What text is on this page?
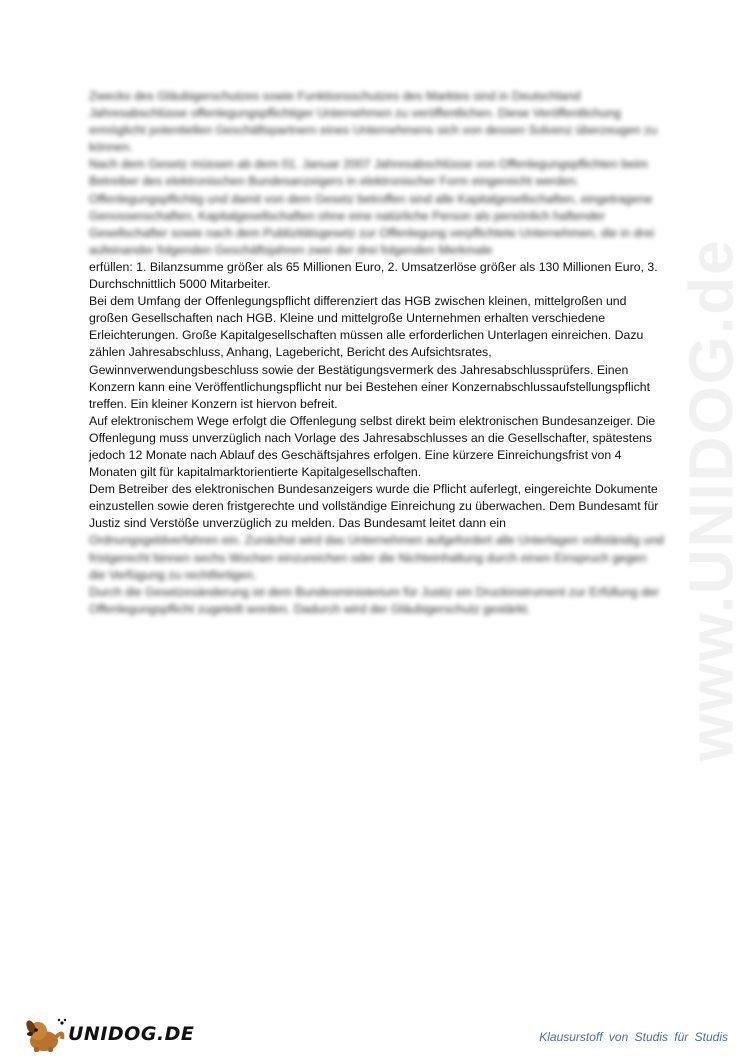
www.UNIDOG.de

Zwecks des Gläubigerschutzes sowie Funktionsschutzes des Marktes sind in Deutschland Jahresabschlüsse offenlegungspflichtiger Unternehmen zu veröffentlichen. Diese Veröffentlichung ermöglicht potentiellen Geschäftspartnern eines Unternehmens sich von dessen Solvenz überzeugen zu können.

Nach dem Gesetz müssen ab dem 01. Januar 2007 Jahresabschlüsse von Offenlegungspflichten beim Betreiber des elektronischen Bundesanzeigers in elektronischer Form eingereicht werden. Offenlegungspflichtig und damit von dem Gesetz betroffen sind alle Kapitalgesellschaften, eingetragene Genossenschaften, Kapitalgesellschaften ohne eine natürliche Person als persönlich haftender Gesellschafter sowie nach dem Publizitätsgesetz zur Offenlegung verpflichtete Unternehmen, die in drei aufeinander folgenden Geschäftsjahren zwei der drei folgenden Merkmale

erfüllen: 1. Bilanzsumme größer als 65 Millionen Euro, 2. Umsatzerlöse größer als 130 Millionen Euro, 3. Durchschnittlich 5000 Mitarbeiter.

Bei dem Umfang der Offenlegungspflicht differenziert das HGB zwischen kleinen, mittelgroßen und großen Gesellschaften nach HGB. Kleine und mittelgroße Unternehmen erhalten verschiedene Erleichterungen. Große Kapitalgesellschaften müssen alle erforderlichen Unterlagen einreichen. Dazu zählen Jahresabschluss, Anhang, Lagebericht, Bericht des Aufsichtsrates, Gewinnverwendungsbeschluss sowie der Bestätigungsvermerk des Jahresabschlussprüfers. Einen Konzern kann eine Veröffentlichungspflicht nur bei Bestehen einer Konzernabschlussaufstellungspflicht treffen. Ein kleiner Konzern ist hiervon befreit.

Auf elektronischem Wege erfolgt die Offenlegung selbst direkt beim elektronischen Bundesanzeiger. Die Offenlegung muss unverzüglich nach Vorlage des Jahresabschlusses an die Gesellschafter, spätestens jedoch 12 Monate nach Ablauf des Geschäftsjahres erfolgen. Eine kürzere Einreichungsfrist von 4 Monaten gilt für kapitalmarktorientierte Kapitalgesellschaften.

Dem Betreiber des elektronischen Bundesanzeigers wurde die Pflicht auferlegt, eingereichte Dokumente einzustellen sowie deren fristgerechte und vollständige Einreichung zu überwachen. Dem Bundesamt für Justiz sind Verstöße unverzüglich zu melden. Das Bundesamt leitet dann ein

Ordnungsgeldverfahren ein. Zunächst wird das Unternehmen aufgefordert alle Unterlagen vollständig und fristgerecht binnen sechs Wochen einzureichen oder die Nichteinhaltung durch einen Einspruch gegen die Verfügung zu rechtfertigen.

Durch die Gesetzesänderung ist dem Bundesministerium für Justiz ein Druckinstrument zur Erfüllung der Offenlegungspflicht zugeteilt worden. Dadurch wird der Gläubigerschutz gestärkt.

UNIDOG.DE	Klausurstoff von Studis für Studis
